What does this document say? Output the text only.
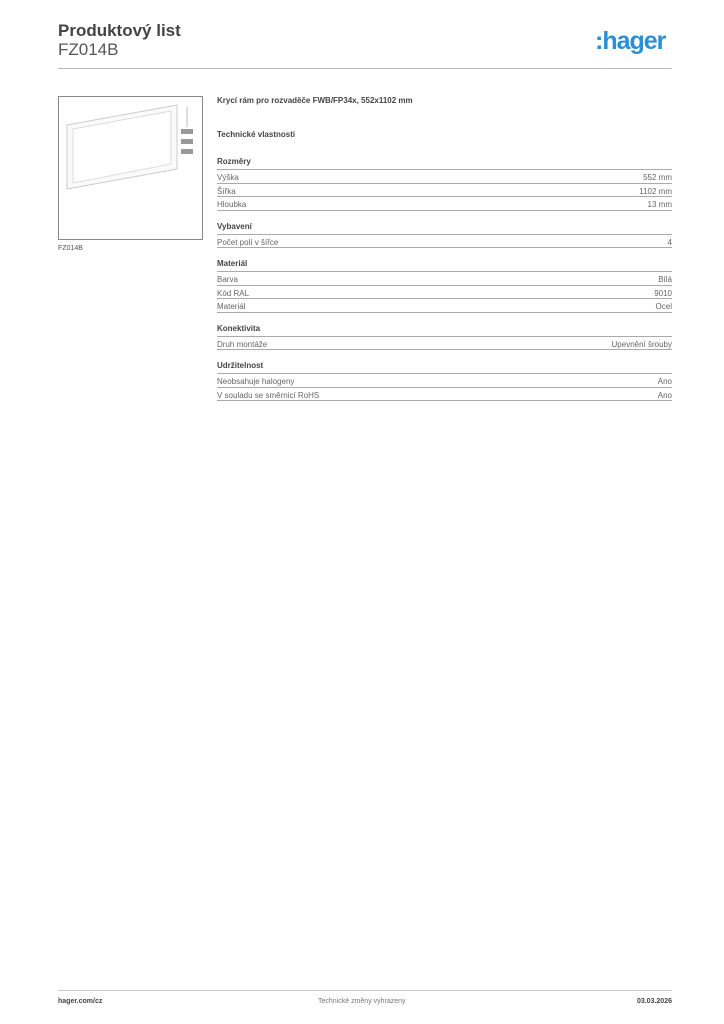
Produktový list
FZ014B	:hager
FZ014B
Krycí rám pro rozvaděče FWB/FP34x, 552x1102 mm
Technické vlastnosti
Rozměry
Výška	552 mm
Šířka	1102 mm
Hloubka	13 mm
Vybavení
Počet polí v šířce	4
Materiál
Barva	Bílá
Kód RAL	9010
Materiál	Ocel
Konektivita
Druh montáže	Upevnění šrouby
Udržitelnost
Neobsahuje halogeny	Ano
V souladu se směrnicí RoHS	Ano
hager.com/cz	Technické změny vyhrazeny	03.03.2026
